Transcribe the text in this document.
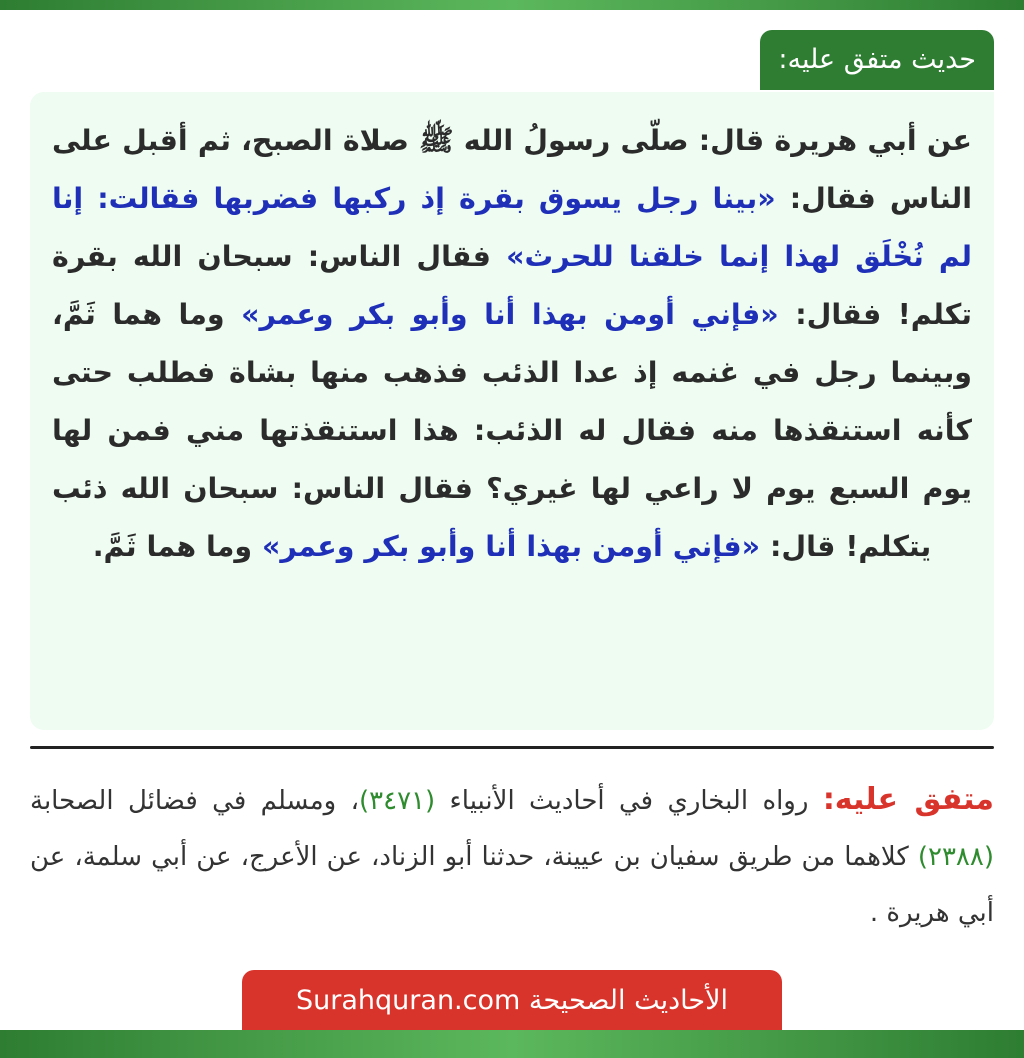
حديث متفق عليه:

عن أبي هريرة قال: صلّى رسولُ الله ﷺ صلاة الصبح، ثم أقبل على الناس فقال: «بينا رجل يسوق بقرة إذ ركبها فضربها فقالت: إنا لم نُخْلَق لهذا إنما خلقنا للحرث» فقال الناس: سبحان الله بقرة تكلم! فقال: «فإني أومن بهذا أنا وأبو بكر وعمر» وما هما ثَمَّ، وبينما رجل في غنمه إذ عدا الذئب فذهب منها بشاة فطلب حتى كأنه استنقذها منه فقال له الذئب: هذا استنقذتها مني فمن لها يوم السبع يوم لا راعي لها غيري؟ فقال الناس: سبحان الله ذئب يتكلم! قال: «فإني أومن بهذا أنا وأبو بكر وعمر» وما هما ثَمَّ.

متفق عليه: رواه البخاري في أحاديث الأنبياء (٣٤٧١)، ومسلم في فضائل الصحابة (٢٣٨٨) كلاهما من طريق سفيان بن عيينة، حدثنا أبو الزناد، عن الأعرج، عن أبي سلمة، عن أبي هريرة .

الأحاديث الصحيحة Surahquran.com
